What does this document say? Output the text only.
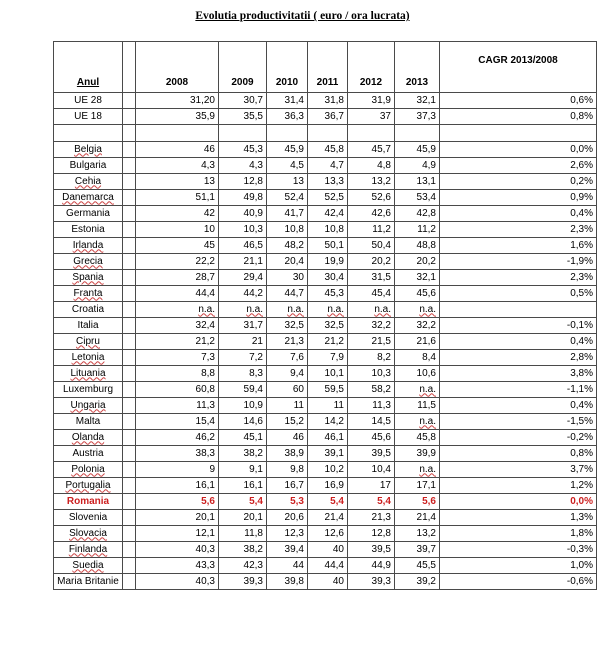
Evolutia productivitatii ( euro / ora lucrata)
Anul		2008	2009	2010	2011	2012	2013	CAGR 2013/2008
UE 28		31,20	30,7	31,4	31,8	31,9	32,1	0,6%
UE 18		35,9	35,5	36,3	36,7	37	37,3	0,8%

Belgia		46	45,3	45,9	45,8	45,7	45,9	0,0%
Bulgaria		4,3	4,3	4,5	4,7	4,8	4,9	2,6%
Cehia		13	12,8	13	13,3	13,2	13,1	0,2%
Danemarca		51,1	49,8	52,4	52,5	52,6	53,4	0,9%
Germania		42	40,9	41,7	42,4	42,6	42,8	0,4%
Estonia		10	10,3	10,8	10,8	11,2	11,2	2,3%
Irlanda		45	46,5	48,2	50,1	50,4	48,8	1,6%
Grecia		22,2	21,1	20,4	19,9	20,2	20,2	-1,9%
Spania		28,7	29,4	30	30,4	31,5	32,1	2,3%
Franta		44,4	44,2	44,7	45,3	45,4	45,6	0,5%
Croatia		n.a.	n.a.	n.a.	n.a.	n.a.	n.a.	
Italia		32,4	31,7	32,5	32,5	32,2	32,2	-0,1%
Cipru		21,2	21	21,3	21,2	21,5	21,6	0,4%
Letonia		7,3	7,2	7,6	7,9	8,2	8,4	2,8%
Lituania		8,8	8,3	9,4	10,1	10,3	10,6	3,8%
Luxemburg		60,8	59,4	60	59,5	58,2	n.a.	-1,1%
Ungaria		11,3	10,9	11	11	11,3	11,5	0,4%
Malta		15,4	14,6	15,2	14,2	14,5	n.a.	-1,5%
Olanda		46,2	45,1	46	46,1	45,6	45,8	-0,2%
Austria		38,3	38,2	38,9	39,1	39,5	39,9	0,8%
Polonia		9	9,1	9,8	10,2	10,4	n.a.	3,7%
Portugalia		16,1	16,1	16,7	16,9	17	17,1	1,2%
Romania		5,6	5,4	5,3	5,4	5,4	5,6	0,0%
Slovenia		20,1	20,1	20,6	21,4	21,3	21,4	1,3%
Slovacia		12,1	11,8	12,3	12,6	12,8	13,2	1,8%
Finlanda		40,3	38,2	39,4	40	39,5	39,7	-0,3%
Suedia		43,3	42,3	44	44,4	44,9	45,5	1,0%
Maria Britanie		40,3	39,3	39,8	40	39,3	39,2	-0,6%
